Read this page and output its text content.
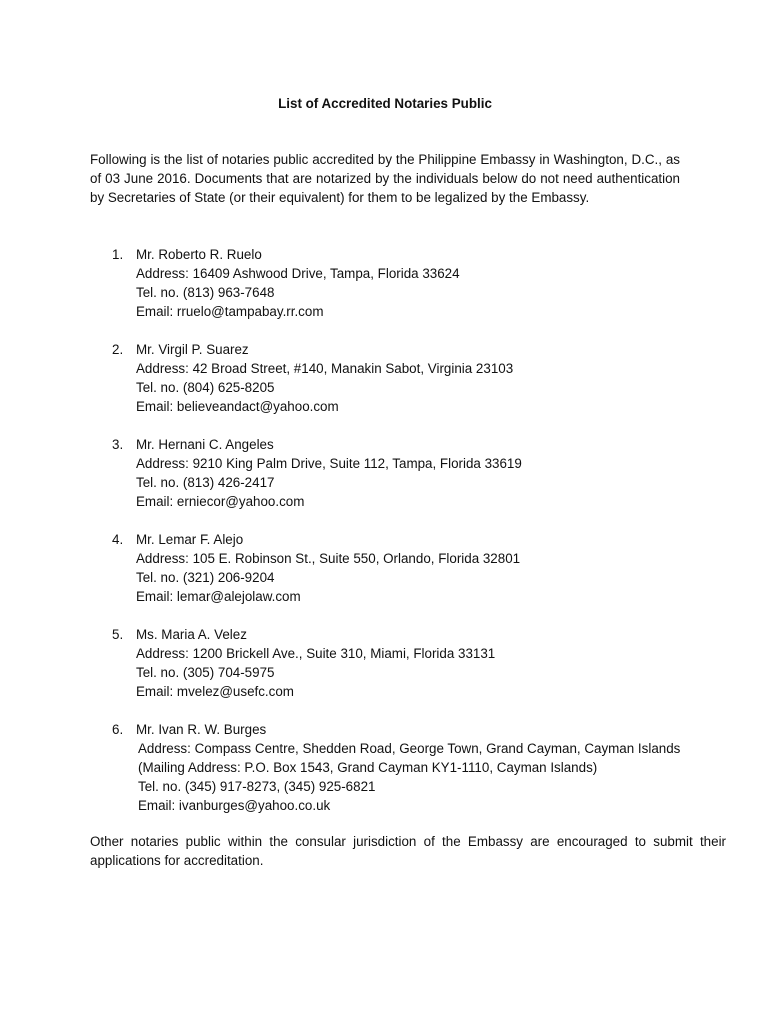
List of Accredited Notaries Public
Following is the list of notaries public accredited by the Philippine Embassy in Washington, D.C., as of 03 June 2016. Documents that are notarized by the individuals below do not need authentication by Secretaries of State (or their equivalent) for them to be legalized by the Embassy.
1. Mr. Roberto R. Ruelo
Address: 16409 Ashwood Drive, Tampa, Florida 33624
Tel. no. (813) 963-7648
Email: rruelo@tampabay.rr.com
2. Mr. Virgil P. Suarez
Address: 42 Broad Street, #140, Manakin Sabot, Virginia 23103
Tel. no. (804) 625-8205
Email: believeandact@yahoo.com
3. Mr. Hernani C. Angeles
Address: 9210 King Palm Drive, Suite 112, Tampa, Florida 33619
Tel. no. (813) 426-2417
Email: erniecor@yahoo.com
4. Mr. Lemar F. Alejo
Address: 105 E. Robinson St., Suite 550, Orlando, Florida 32801
Tel. no. (321) 206-9204
Email: lemar@alejolaw.com
5. Ms. Maria A. Velez
Address: 1200 Brickell Ave., Suite 310, Miami, Florida 33131
Tel. no. (305) 704-5975
Email: mvelez@usefc.com
6. Mr. Ivan R. W. Burges
Address: Compass Centre, Shedden Road, George Town, Grand Cayman, Cayman Islands
(Mailing Address: P.O. Box 1543, Grand Cayman KY1-1110, Cayman Islands)
Tel. no. (345) 917-8273, (345) 925-6821
Email: ivanburges@yahoo.co.uk
Other notaries public within the consular jurisdiction of the Embassy are encouraged to submit their applications for accreditation.
